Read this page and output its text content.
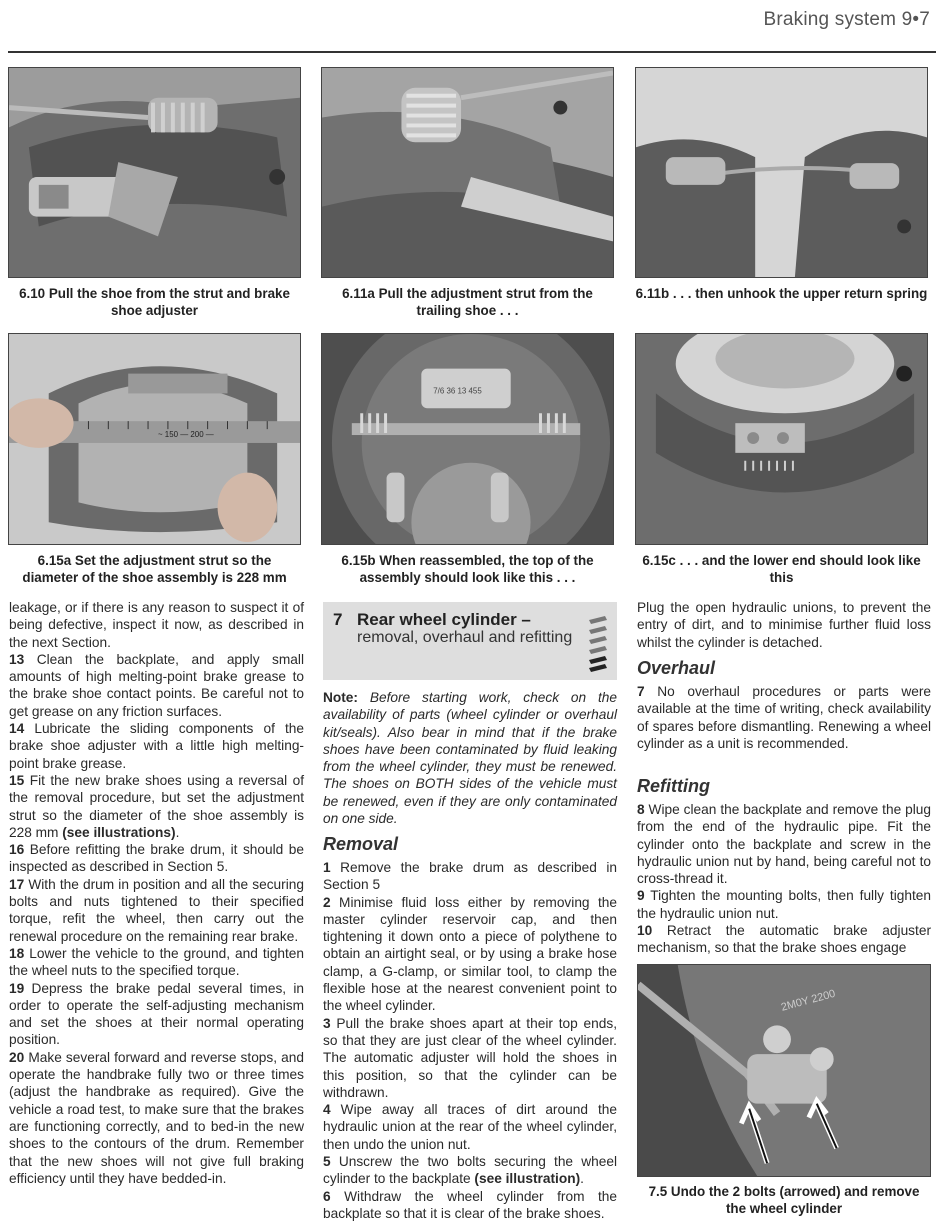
Braking system 9•7
6.10 Pull the shoe from the strut and brake shoe adjuster
6.11a Pull the adjustment strut from the trailing shoe . . .
6.11b . . . then unhook the upper return spring
~ 150 — 200 —
6.15a Set the adjustment strut so the diameter of the shoe assembly is 228 mm
7/6 36 13 455
6.15b When reassembled, the top of the assembly should look like this . . .
6.15c . . . and the lower end should look like this

leakage, or if there is any reason to suspect it of being defective, inspect it now, as described in the next Section.

13 Clean the backplate, and apply small amounts of high melting-point brake grease to the brake shoe contact points. Be careful not to get grease on any friction surfaces.

14 Lubricate the sliding components of the brake shoe adjuster with a little high melting-point brake grease.

15 Fit the new brake shoes using a reversal of the removal procedure, but set the adjustment strut so the diameter of the shoe assembly is 228 mm (see illustrations).

16 Before refitting the brake drum, it should be inspected as described in Section 5.

17 With the drum in position and all the securing bolts and nuts tightened to their specified torque, refit the wheel, then carry out the renewal procedure on the remaining rear brake.

18 Lower the vehicle to the ground, and tighten the wheel nuts to the specified torque.

19 Depress the brake pedal several times, in order to operate the self-adjusting mechanism and set the shoes at their normal operating position.

20 Make several forward and reverse stops, and operate the handbrake fully two or three times (adjust the handbrake as required). Give the vehicle a road test, to make sure that the brakes are functioning correctly, and to bed-in the new shoes to the contours of the drum. Remember that the new shoes will not give full braking efficiency until they have bedded-in.

7 Rear wheel cylinder –
removal, overhaul and refitting

Note: Before starting work, check on the availability of parts (wheel cylinder or overhaul kit/seals). Also bear in mind that if the brake shoes have been contaminated by fluid leaking from the wheel cylinder, they must be renewed. The shoes on BOTH sides of the vehicle must be renewed, even if they are only contaminated on one side.

Removal

1 Remove the brake drum as described in Section 5

2 Minimise fluid loss either by removing the master cylinder reservoir cap, and then tightening it down onto a piece of polythene to obtain an airtight seal, or by using a brake hose clamp, a G-clamp, or similar tool, to clamp the flexible hose at the nearest convenient point to the wheel cylinder.

3 Pull the brake shoes apart at their top ends, so that they are just clear of the wheel cylinder. The automatic adjuster will hold the shoes in this position, so that the cylinder can be withdrawn.

4 Wipe away all traces of dirt around the hydraulic union at the rear of the wheel cylinder, then undo the union nut.

5 Unscrew the two bolts securing the wheel cylinder to the backplate (see illustration).

6 Withdraw the wheel cylinder from the backplate so that it is clear of the brake shoes.

Plug the open hydraulic unions, to prevent the entry of dirt, and to minimise further fluid loss whilst the cylinder is detached.

Overhaul

7 No overhaul procedures or parts were available at the time of writing, check availability of spares before dismantling. Renewing a wheel cylinder as a unit is recommended.

Refitting

8 Wipe clean the backplate and remove the plug from the end of the hydraulic pipe. Fit the cylinder onto the backplate and screw in the hydraulic union nut by hand, being careful not to cross-thread it.

9 Tighten the mounting bolts, then fully tighten the hydraulic union nut.

10 Retract the automatic brake adjuster mechanism, so that the brake shoes engage

2M0Y 2200
7.5 Undo the 2 bolts (arrowed) and remove the wheel cylinder
